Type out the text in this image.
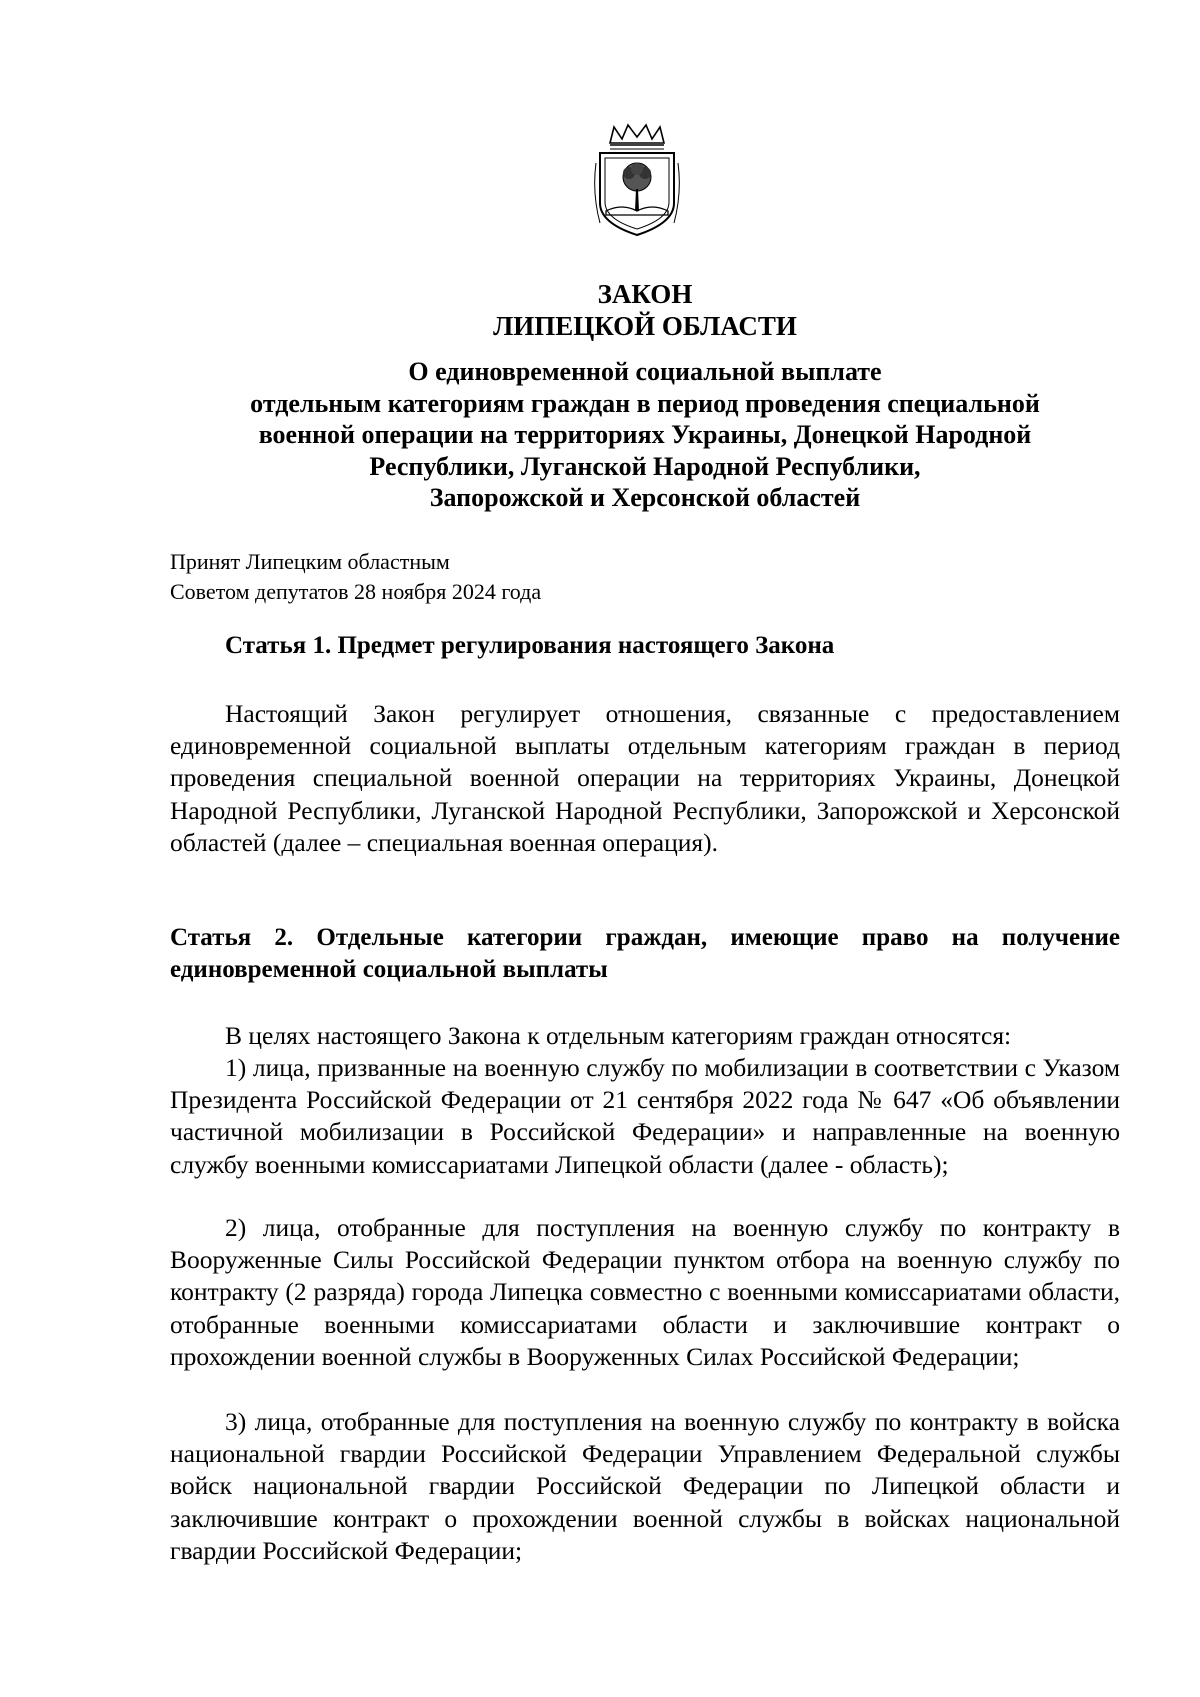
ЗАКОН
ЛИПЕЦКОЙ ОБЛАСТИ
О единовременной социальной выплате
отдельным категориям граждан в период проведения специальной
военной операции на территориях Украины, Донецкой Народной
Республики, Луганской Народной Республики,
Запорожской и Херсонской областей
Принят Липецким областным
Советом депутатов 28 ноября 2024 года
Статья 1. Предмет регулирования настоящего Закона
Настоящий Закон регулирует отношения, связанные с предоставлением единовременной социальной выплаты отдельным категориям граждан в период проведения специальной военной операции на территориях Украины, Донецкой Народной Республики, Луганской Народной Республики, Запорожской и Херсонской областей (далее – специальная военная операция).
Статья 2. Отдельные категории граждан, имеющие право на получение единовременной социальной выплаты
В целях настоящего Закона к отдельным категориям граждан относятся:
1) лица, призванные на военную службу по мобилизации в соответствии с Указом Президента Российской Федерации от 21 сентября 2022 года № 647 «Об объявлении частичной мобилизации в Российской Федерации» и направленные на военную службу военными комиссариатами Липецкой области (далее - область);
2) лица, отобранные для поступления на военную службу по контракту в Вооруженные Силы Российской Федерации пунктом отбора на военную службу по контракту (2 разряда) города Липецка совместно с военными комиссариатами области, отобранные военными комиссариатами области и заключившие контракт о прохождении военной службы в Вооруженных Силах Российской Федерации;
3) лица, отобранные для поступления на военную службу по контракту в войска национальной гвардии Российской Федерации Управлением Федеральной службы войск национальной гвардии Российской Федерации по Липецкой области и заключившие контракт о прохождении военной службы в войсках национальной гвардии Российской Федерации;
